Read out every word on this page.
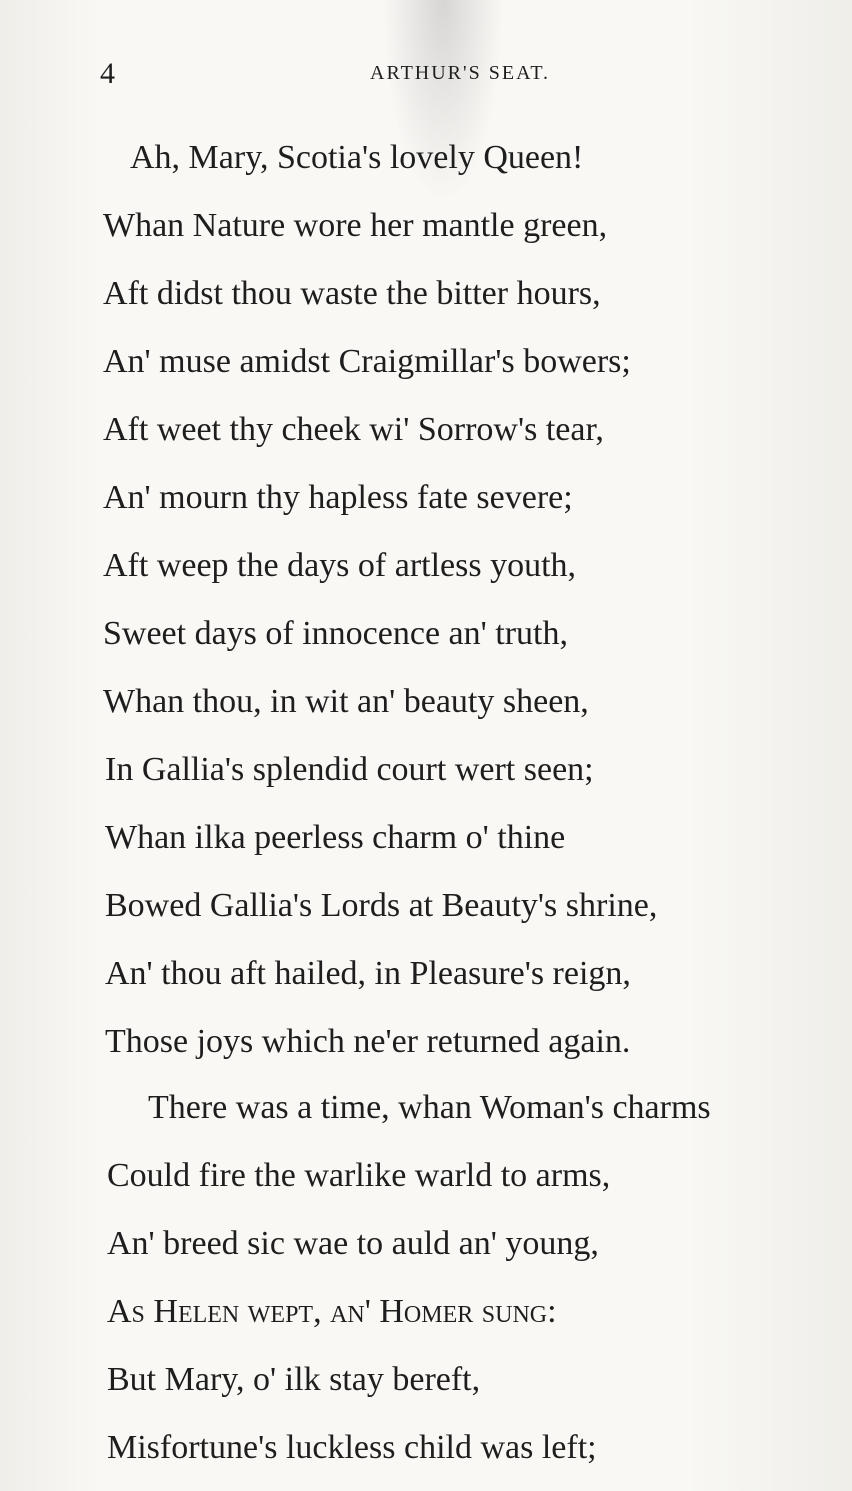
4	ARTHUR'S SEAT.
Ah, Mary, Scotia's lovely Queen!
Whan Nature wore her mantle green,
Aft didst thou waste the bitter hours,
An' muse amidst Craigmillar's bowers;
Aft weet thy cheek wi' Sorrow's tear,
An' mourn thy hapless fate severe;
Aft weep the days of artless youth,
Sweet days of innocence an' truth,
Whan thou, in wit an' beauty sheen,
In Gallia's splendid court wert seen;
Whan ilka peerless charm o' thine
Bowed Gallia's Lords at Beauty's shrine,
An' thou aft hailed, in Pleasure's reign,
Those joys which ne'er returned again.
There was a time, whan Woman's charms
Could fire the warlike warld to arms,
An' breed sic wae to auld an' young,
As Helen wept, an' Homer sung:
But Mary, o' ilk stay bereft,
Misfortune's luckless child was left;
